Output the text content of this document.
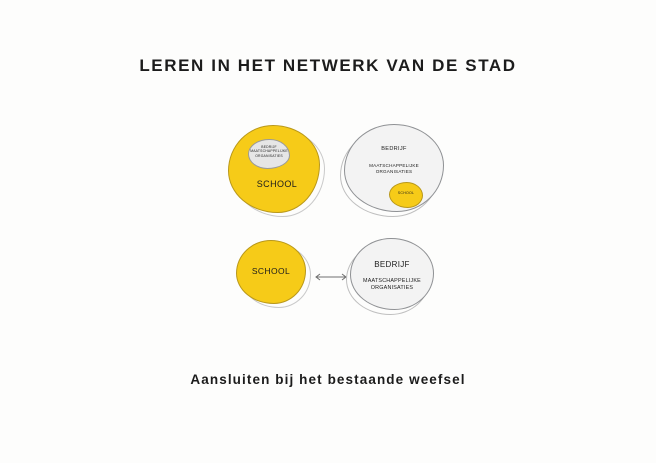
LEREN IN HET NETWERK VAN DE STAD
BEDRIJF MAATSCHAPPELIJKE ORGANISATIES
SCHOOL
BEDRIJF
MAATSCHAPPELIJKE ORGANISATIES
SCHOOL
SCHOOL
BEDRIJF
MAATSCHAPPELIJKE ORGANISATIES
Aansluiten bij het bestaande weefsel
